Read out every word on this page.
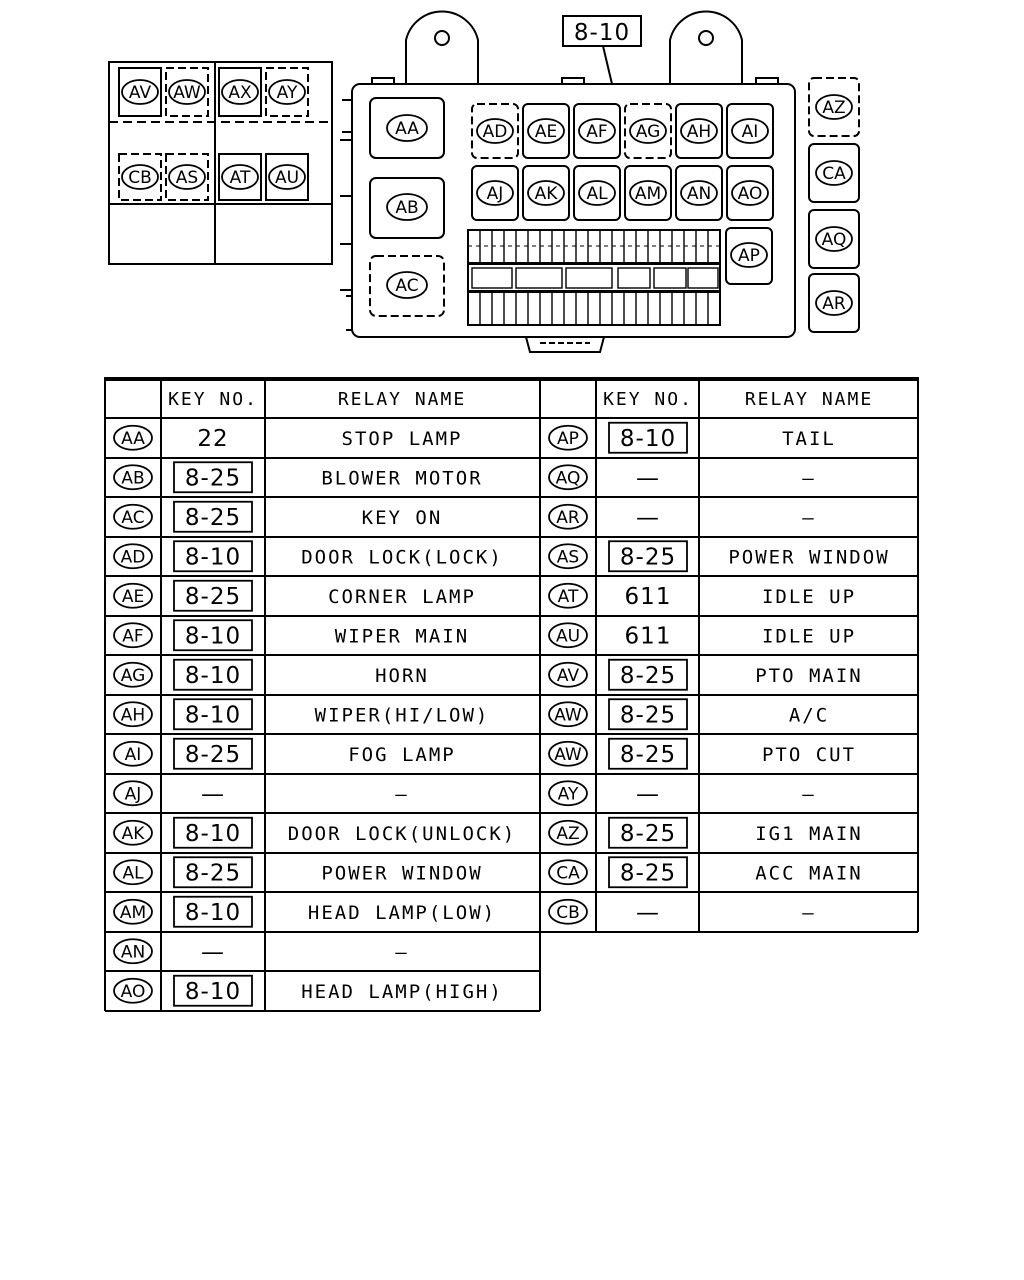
AV AW AX AY
CB AS AT AU
AA
AB
AC
AD AE AF AG AH AI
AJ AK AL AM AN AO
AP
8-10
AZ
CA
AQ
AR
KEY NO.	RELAY NAME	KEY NO.	RELAY NAME
AA 22	STOP LAMP
AB 8-25	BLOWER MOTOR
AC 8-25	KEY ON
AD 8-10	DOOR LOCK(LOCK)
AE 8-25	CORNER LAMP
AF 8-10	WIPER MAIN
AG 8-10	HORN
AH 8-10	WIPER(HI/LOW)
AI 8-25	FOG LAMP
AJ	—	—
AK 8-10 DOOR LOCK(UNLOCK)
AL 8-25	POWER WINDOW
AM 8-10	HEAD LAMP(LOW)
AN —	—
AO 8-10	HEAD LAMP(HIGH)
AP 8-10	TAIL
AQ —	—
AR —	—
AS 8-25	POWER WINDOW
AT 611	IDLE UP
AU 611	IDLE UP
AV 8-25	PTO MAIN
AW 8-25	A/C
AW 8-25	PTO CUT
AY	—	—
AZ 8-25	IG1 MAIN
CA 8-25	ACC MAIN
CB —	—
